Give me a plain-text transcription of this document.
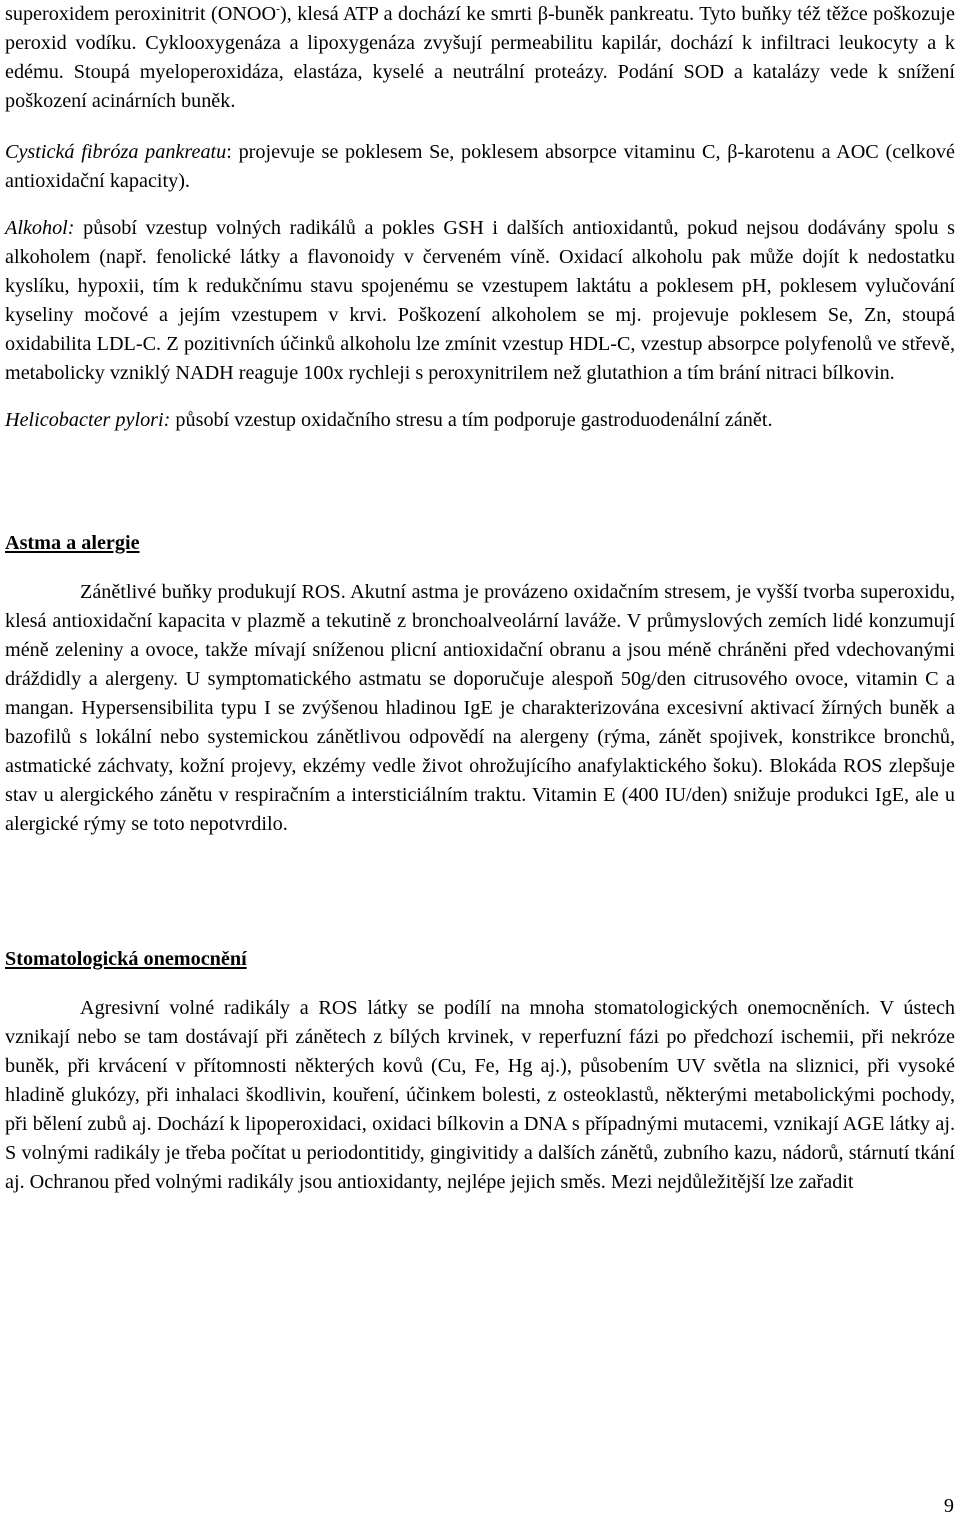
superoxidem peroxinitrit (ONOO-), klesá ATP a dochází ke smrti β-buněk pankreatu. Tyto buňky též těžce poškozuje peroxid vodíku. Cyklooxygenáza a lipoxygenáza zvyšují permeabilitu kapilár, dochází k infiltraci leukocyty a k edému. Stoupá myeloperoxidáza, elastáza, kyselé a neutrální proteázy. Podání SOD a katalázy vede k snížení poškození acinárních buněk.

Cystická fibróza pankreatu: projevuje se poklesem Se, poklesem absorpce vitaminu C, β-karotenu a AOC (celkové antioxidační kapacity).

Alkohol: působí vzestup volných radikálů a pokles GSH i dalších antioxidantů, pokud nejsou dodávány spolu s alkoholem (např. fenolické látky a flavonoidy v červeném víně. Oxidací alkoholu pak může dojít k nedostatku kyslíku, hypoxii, tím k redukčnímu stavu spojenému se vzestupem laktátu a poklesem pH, poklesem vylučování kyseliny močové a jejím vzestupem v krvi. Poškození alkoholem se mj. projevuje poklesem Se, Zn, stoupá oxidabilita LDL-C. Z pozitivních účinků alkoholu lze zmínit vzestup HDL-C, vzestup absorpce polyfenolů ve střevě, metabolicky vzniklý NADH reaguje 100x rychleji s peroxynitrilem než glutathion a tím brání nitraci bílkovin.

Helicobacter pylori: působí vzestup oxidačního stresu a tím podporuje gastroduodenální zánět.

Astma a alergie

Zánětlivé buňky produkují ROS. Akutní astma je provázeno oxidačním stresem, je vyšší tvorba superoxidu, klesá antioxidační kapacita v plazmě a tekutině z bronchoalveolární laváže. V průmyslových zemích lidé konzumují méně zeleniny a ovoce, takže mívají sníženou plicní antioxidační obranu a jsou méně chráněni před vdechovanými dráždidly a alergeny. U symptomatického astmatu se doporučuje alespoň 50g/den citrusového ovoce, vitamin C a mangan. Hypersensibilita typu I se zvýšenou hladinou IgE je charakterizována excesivní aktivací žírných buněk a bazofilů s lokální nebo systemickou zánětlivou odpovědí na alergeny (rýma, zánět spojivek, konstrikce bronchů, astmatické záchvaty, kožní projevy, ekzémy vedle život ohrožujícího anafylaktického šoku). Blokáda ROS zlepšuje stav u alergického zánětu v respiračním a intersticiálním traktu. Vitamin E (400 IU/den) snižuje produkci IgE, ale u alergické rýmy se toto nepotvrdilo.

Stomatologická onemocnění

Agresivní volné radikály a ROS látky se podílí na mnoha stomatologických onemocněních. V ústech vznikají nebo se tam dostávají při zánětech z bílých krvinek, v reperfuzní fázi po předchozí ischemii, při nekróze buněk, při krvácení v přítomnosti některých kovů (Cu, Fe, Hg aj.), působením UV světla na sliznici, při vysoké hladině glukózy, při inhalaci škodlivin, kouření, účinkem bolesti, z osteoklastů, některými metabolickými pochody, při bělení zubů aj. Dochází k lipoperoxidaci, oxidaci bílkovin a DNA s případnými mutacemi, vznikají AGE látky aj. S volnými radikály je třeba počítat u periodontitidy, gingivitidy a dalších zánětů, zubního kazu, nádorů, stárnutí tkání aj. Ochranou před volnými radikály jsou antioxidanty, nejlépe jejich směs. Mezi nejdůležitější lze zařadit

9
